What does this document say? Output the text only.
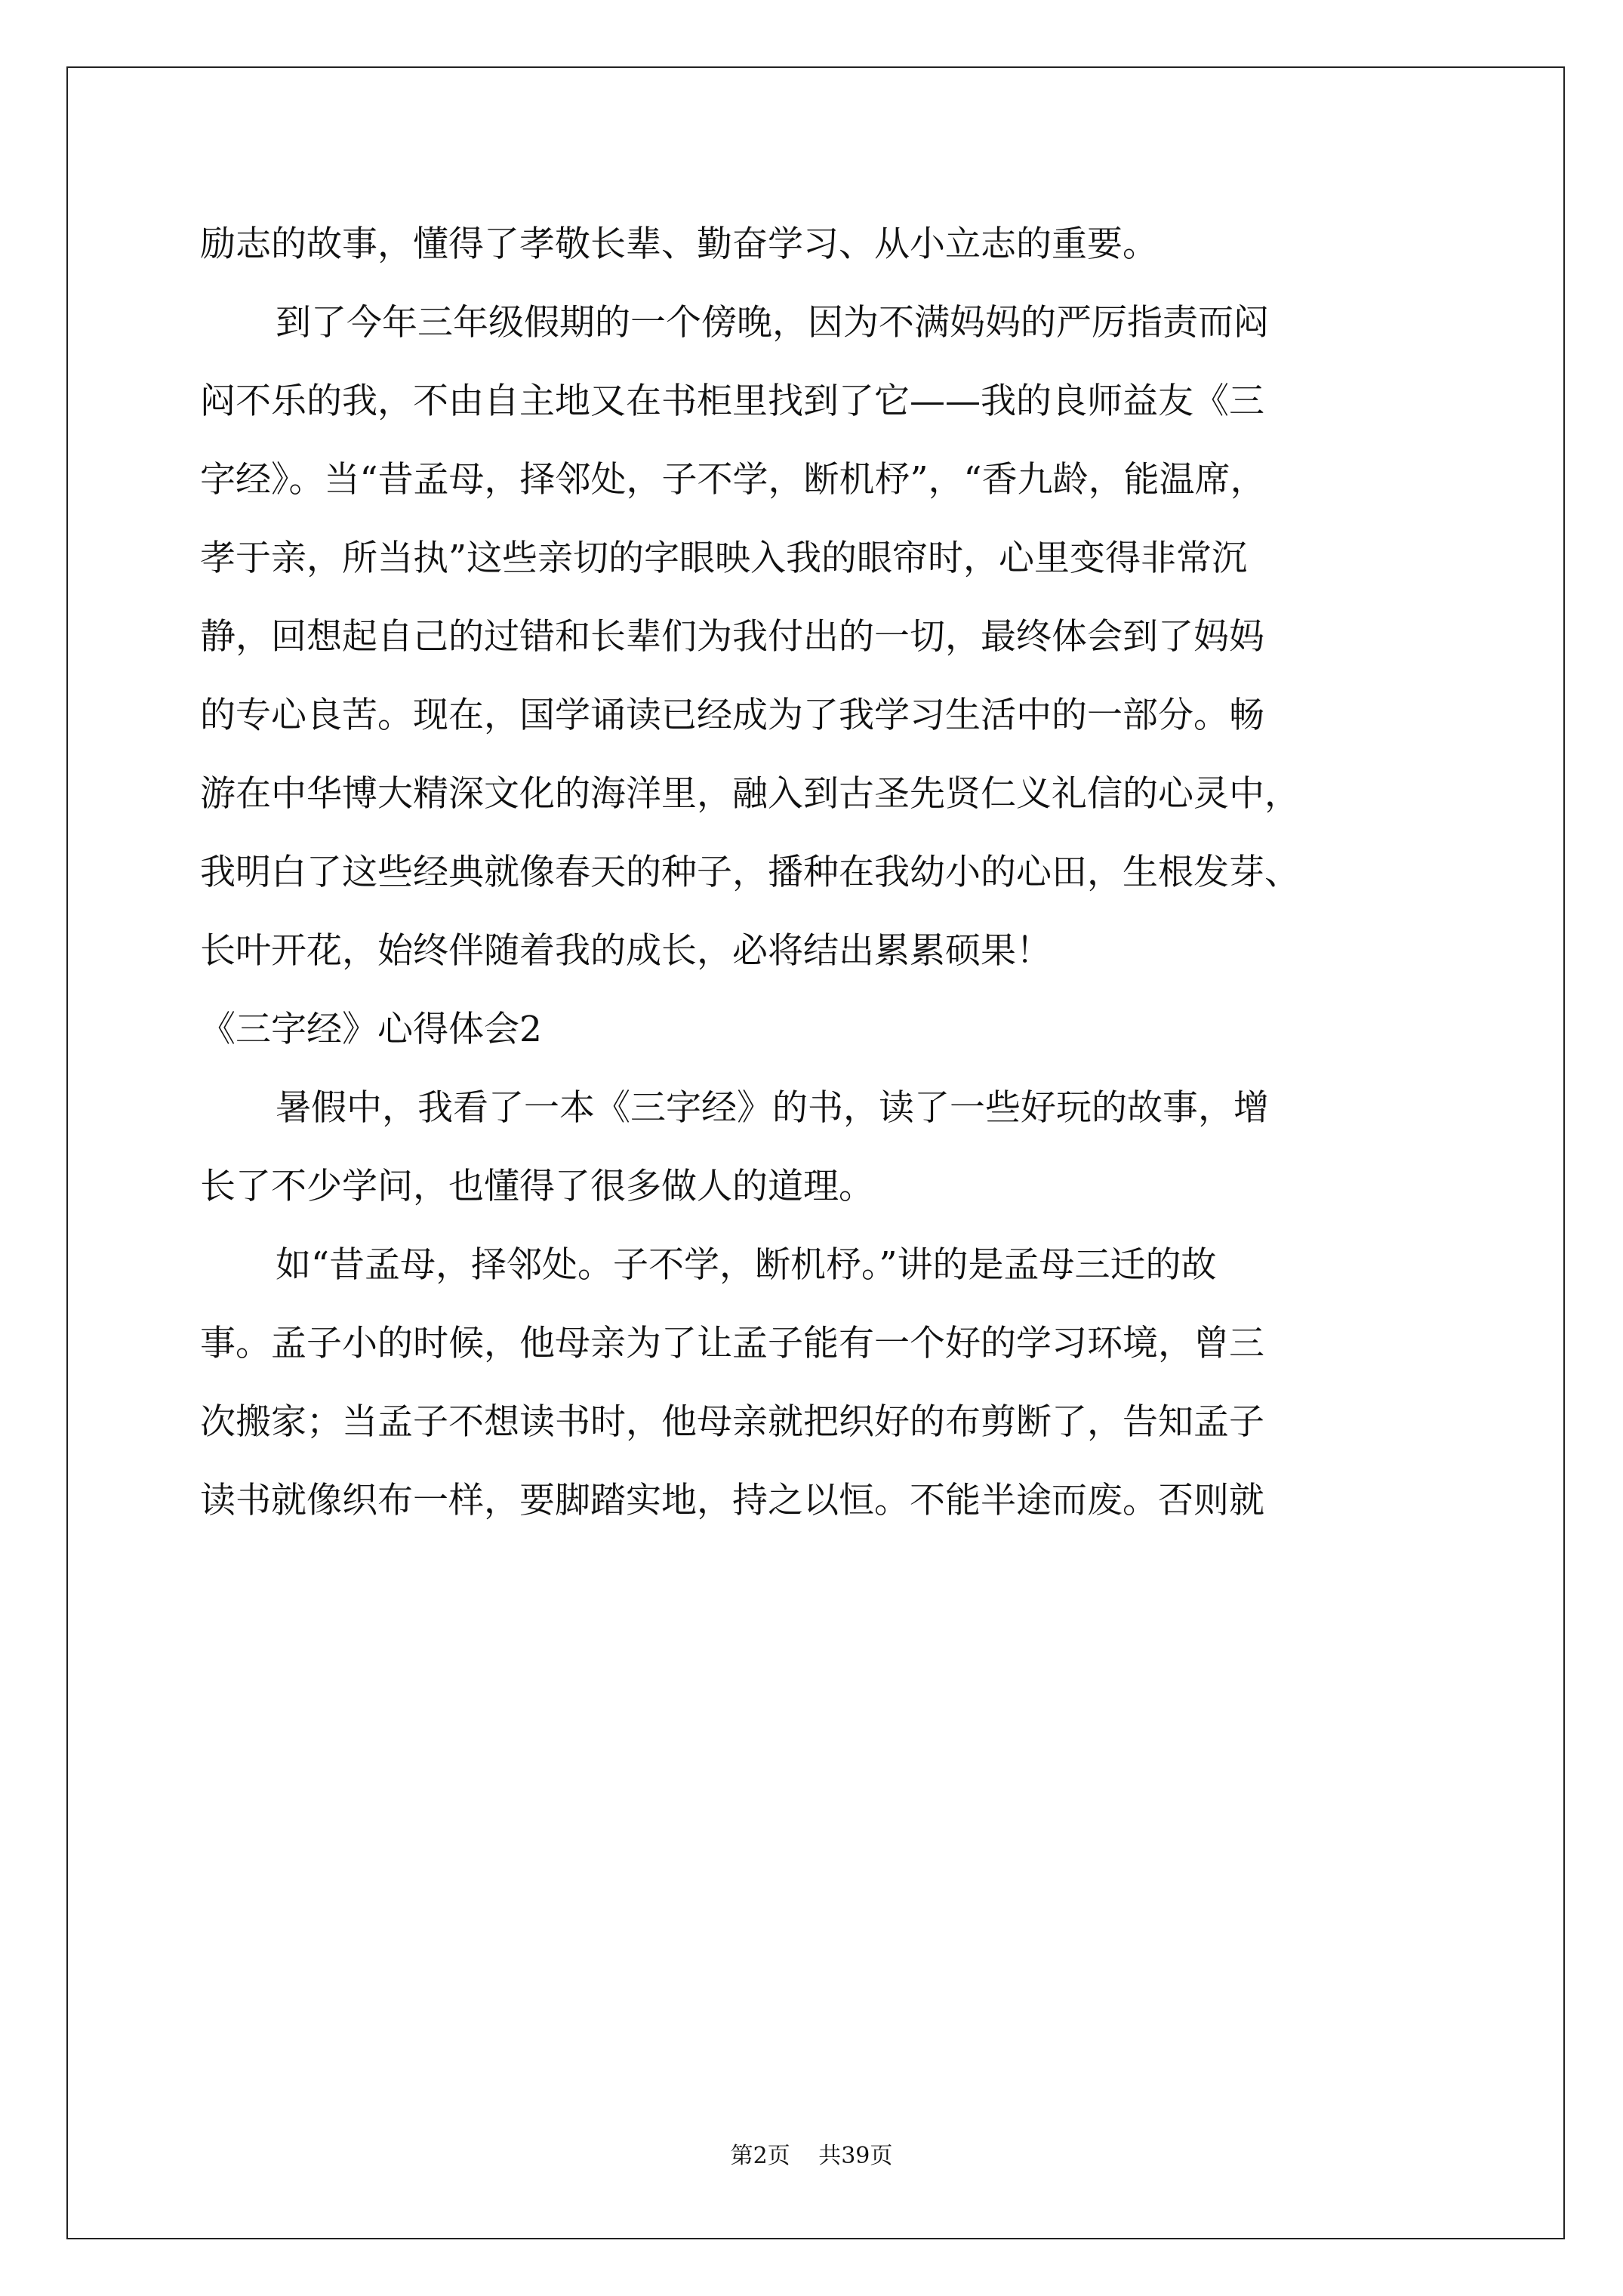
励志的故事，懂得了孝敬长辈、勤奋学习、从小立志的重要。
到了今年三年级假期的一个傍晚，因为不满妈妈的严厉指责而闷
闷不乐的我，不由自主地又在书柜里找到了它——我的良师益友《三
字经》。当“昔孟母，择邻处，子不学，断机杼”，“香九龄，能温席，
孝于亲，所当执”这些亲切的字眼映入我的眼帘时，心里变得非常沉
静，回想起自己的过错和长辈们为我付出的一切，最终体会到了妈妈
的专心良苦。现在，国学诵读已经成为了我学习生活中的一部分。畅
游在中华博大精深文化的海洋里，融入到古圣先贤仁义礼信的心灵中，
我明白了这些经典就像春天的种子，播种在我幼小的心田，生根发芽、
长叶开花，始终伴随着我的成长，必将结出累累硕果！
《三字经》心得体会2
暑假中，我看了一本《三字经》的书，读了一些好玩的故事，增
长了不少学问，也懂得了很多做人的道理。
如“昔孟母，择邻处。子不学，断机杼。”讲的是孟母三迁的故
事。孟子小的时候，他母亲为了让孟子能有一个好的学习环境，曾三
次搬家；当孟子不想读书时，他母亲就把织好的布剪断了，告知孟子
读书就像织布一样，要脚踏实地，持之以恒。不能半途而废。否则就
第2页 共39页
